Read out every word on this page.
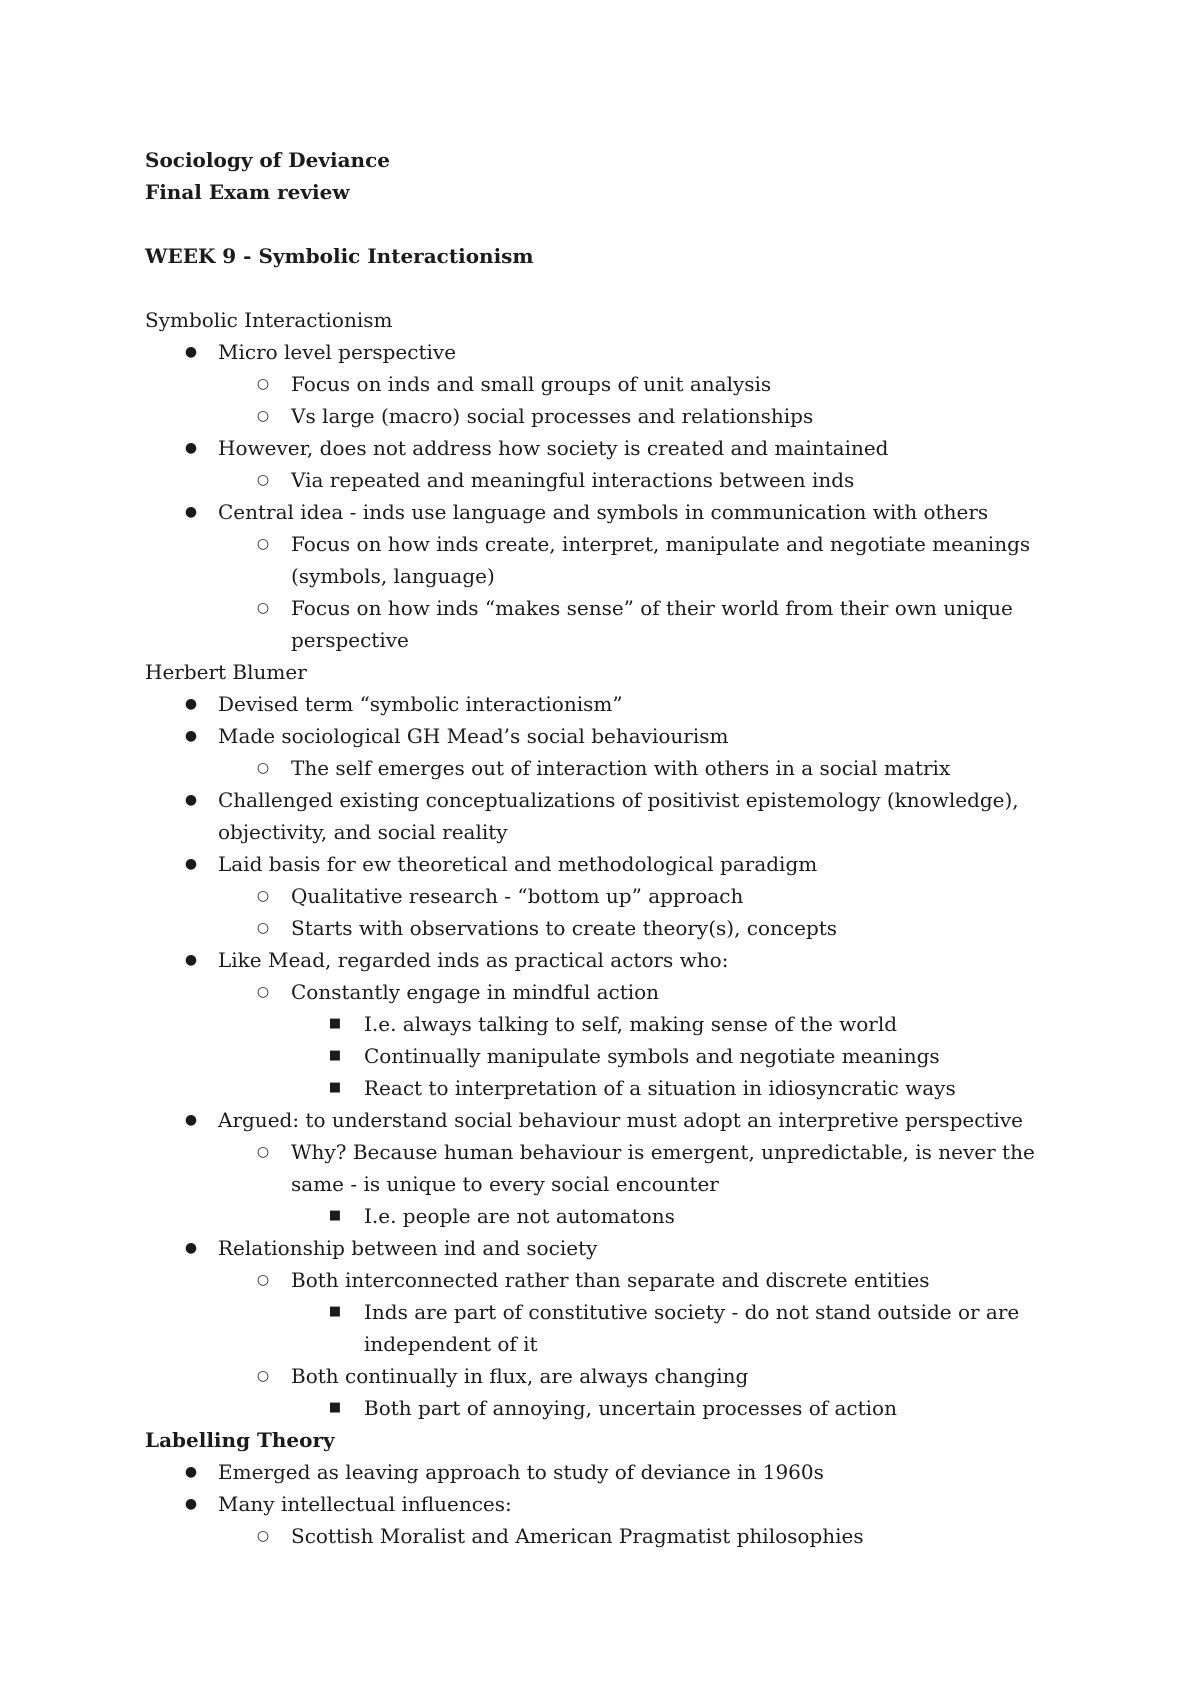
Sociology of Deviance
Final Exam review
WEEK 9 - Symbolic Interactionism
Symbolic Interactionism
● Micro level perspective
○ Focus on inds and small groups of unit analysis
○ Vs large (macro) social processes and relationships
● However, does not address how society is created and maintained
○ Via repeated and meaningful interactions between inds
● Central idea - inds use language and symbols in communication with others
○ Focus on how inds create, interpret, manipulate and negotiate meanings (symbols, language)
○ Focus on how inds “makes sense” of their world from their own unique perspective
Herbert Blumer
● Devised term “symbolic interactionism”
● Made sociological GH Mead’s social behaviourism
○ The self emerges out of interaction with others in a social matrix
● Challenged existing conceptualizations of positivist epistemology (knowledge), objectivity, and social reality
● Laid basis for ew theoretical and methodological paradigm
○ Qualitative research - “bottom up” approach
○ Starts with observations to create theory(s), concepts
● Like Mead, regarded inds as practical actors who:
○ Constantly engage in mindful action
■ I.e. always talking to self, making sense of the world
■ Continually manipulate symbols and negotiate meanings
■ React to interpretation of a situation in idiosyncratic ways
● Argued: to understand social behaviour must adopt an interpretive perspective
○ Why? Because human behaviour is emergent, unpredictable, is never the same - is unique to every social encounter
■ I.e. people are not automatons
● Relationship between ind and society
○ Both interconnected rather than separate and discrete entities
■ Inds are part of constitutive society - do not stand outside or are independent of it
○ Both continually in flux, are always changing
■ Both part of annoying, uncertain processes of action
Labelling Theory
● Emerged as leaving approach to study of deviance in 1960s
● Many intellectual influences:
○ Scottish Moralist and American Pragmatist philosophies
